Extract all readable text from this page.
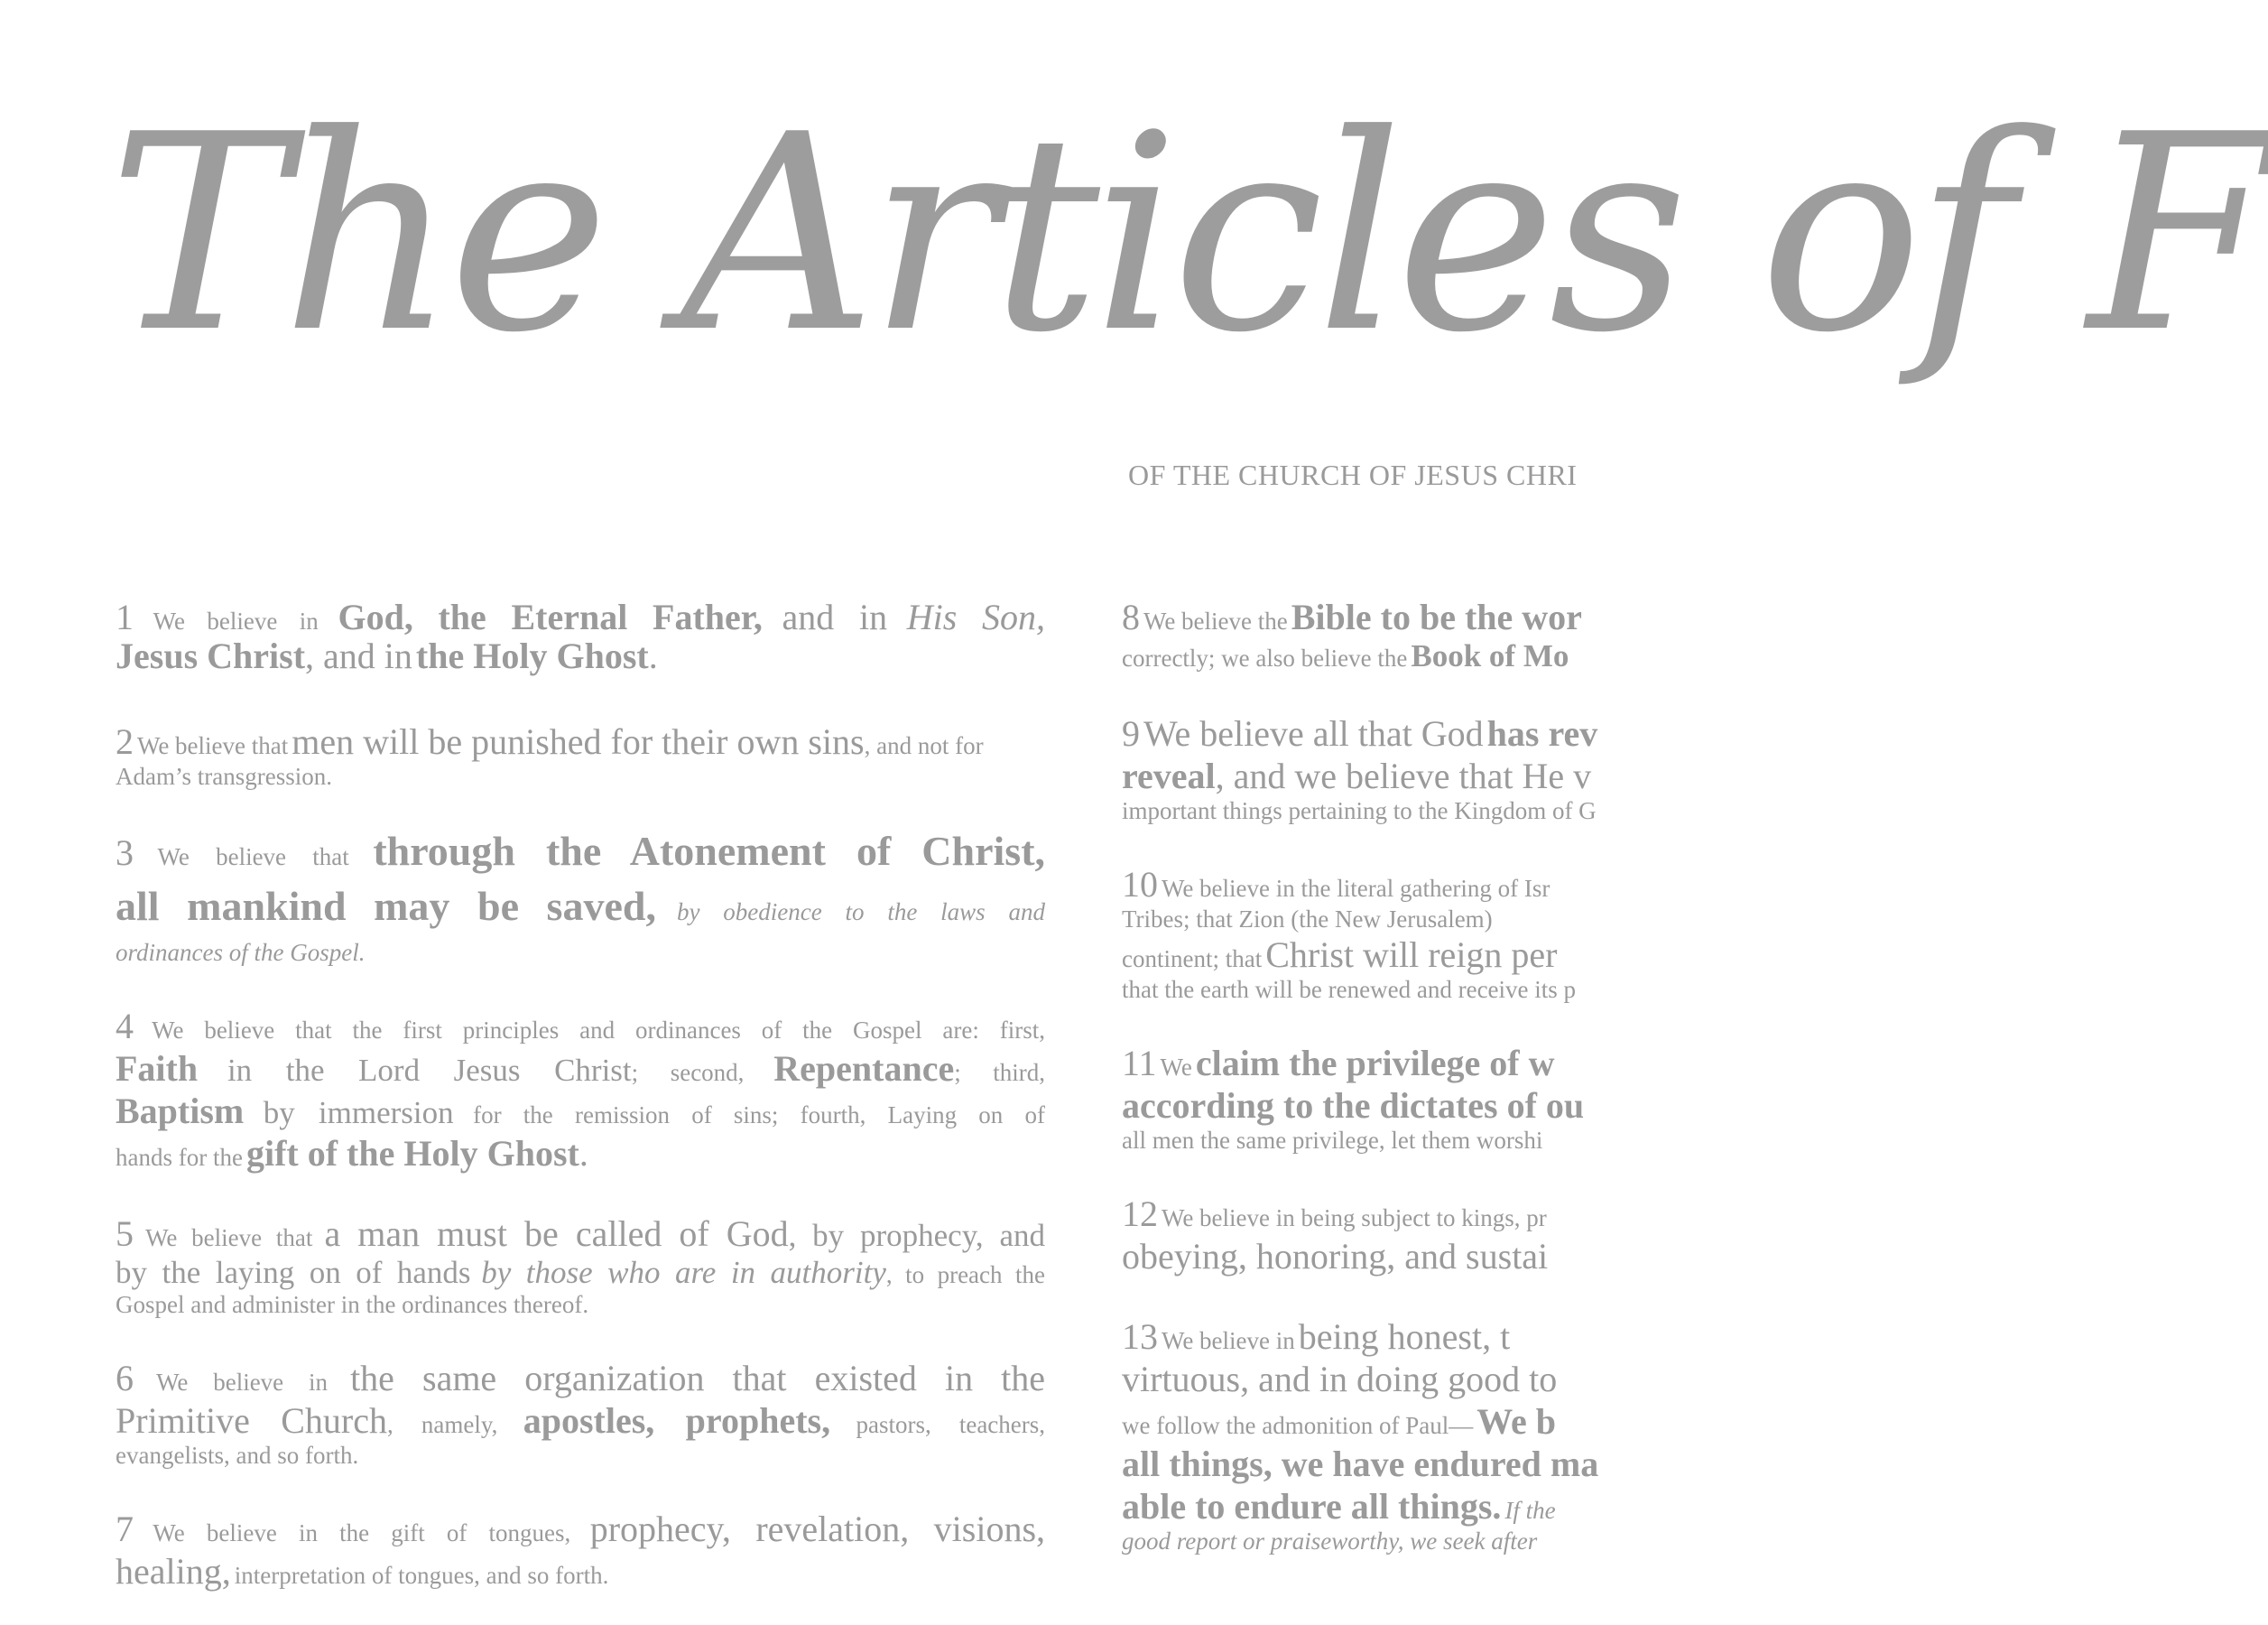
The Articles of F
OF THE CHURCH OF JESUS CHRI
1 We believe in God, the Eternal Father, and in His Son,
Jesus Christ, and in the Holy Ghost.
2 We believe that men will be punished for their own sins, and not for
Adam’s transgression.
3 We believe that through the Atonement of Christ,
all mankind may be saved, by obedience to the laws and
ordinances of the Gospel.
4 We believe that the first principles and ordinances of the Gospel are: first,
Faith in the Lord Jesus Christ; second, Repentance; third,
Baptism by immersion for the remission of sins; fourth, Laying on of
hands for the gift of the Holy Ghost.
5 We believe that a man must be called of God, by prophecy, and
by the laying on of hands by those who are in authority, to preach the
Gospel and administer in the ordinances thereof.
6 We believe in the same organization that existed in the
Primitive Church, namely, apostles, prophets, pastors, teachers,
evangelists, and so forth.
7 We believe in the gift of tongues, prophecy, revelation, visions,
healing, interpretation of tongues, and so forth.
8 We believe the Bible to be the wor
correctly; we also believe the Book of Mo
9 We believe all that God has rev
reveal, and we believe that He v
important things pertaining to the Kingdom of G
10 We believe in the literal gathering of Isr
Tribes; that Zion (the New Jerusalem)
continent; that Christ will reign per
that the earth will be renewed and receive its p
11 We claim the privilege of w
according to the dictates of ou
all men the same privilege, let them worshi
12 We believe in being subject to kings, pr
obeying, honoring, and sustai
13 We believe in being honest, t
virtuous, and in doing good to
we follow the admonition of Paul— We b
all things, we have endured ma
able to endure all things. If the
good report or praiseworthy, we seek after
